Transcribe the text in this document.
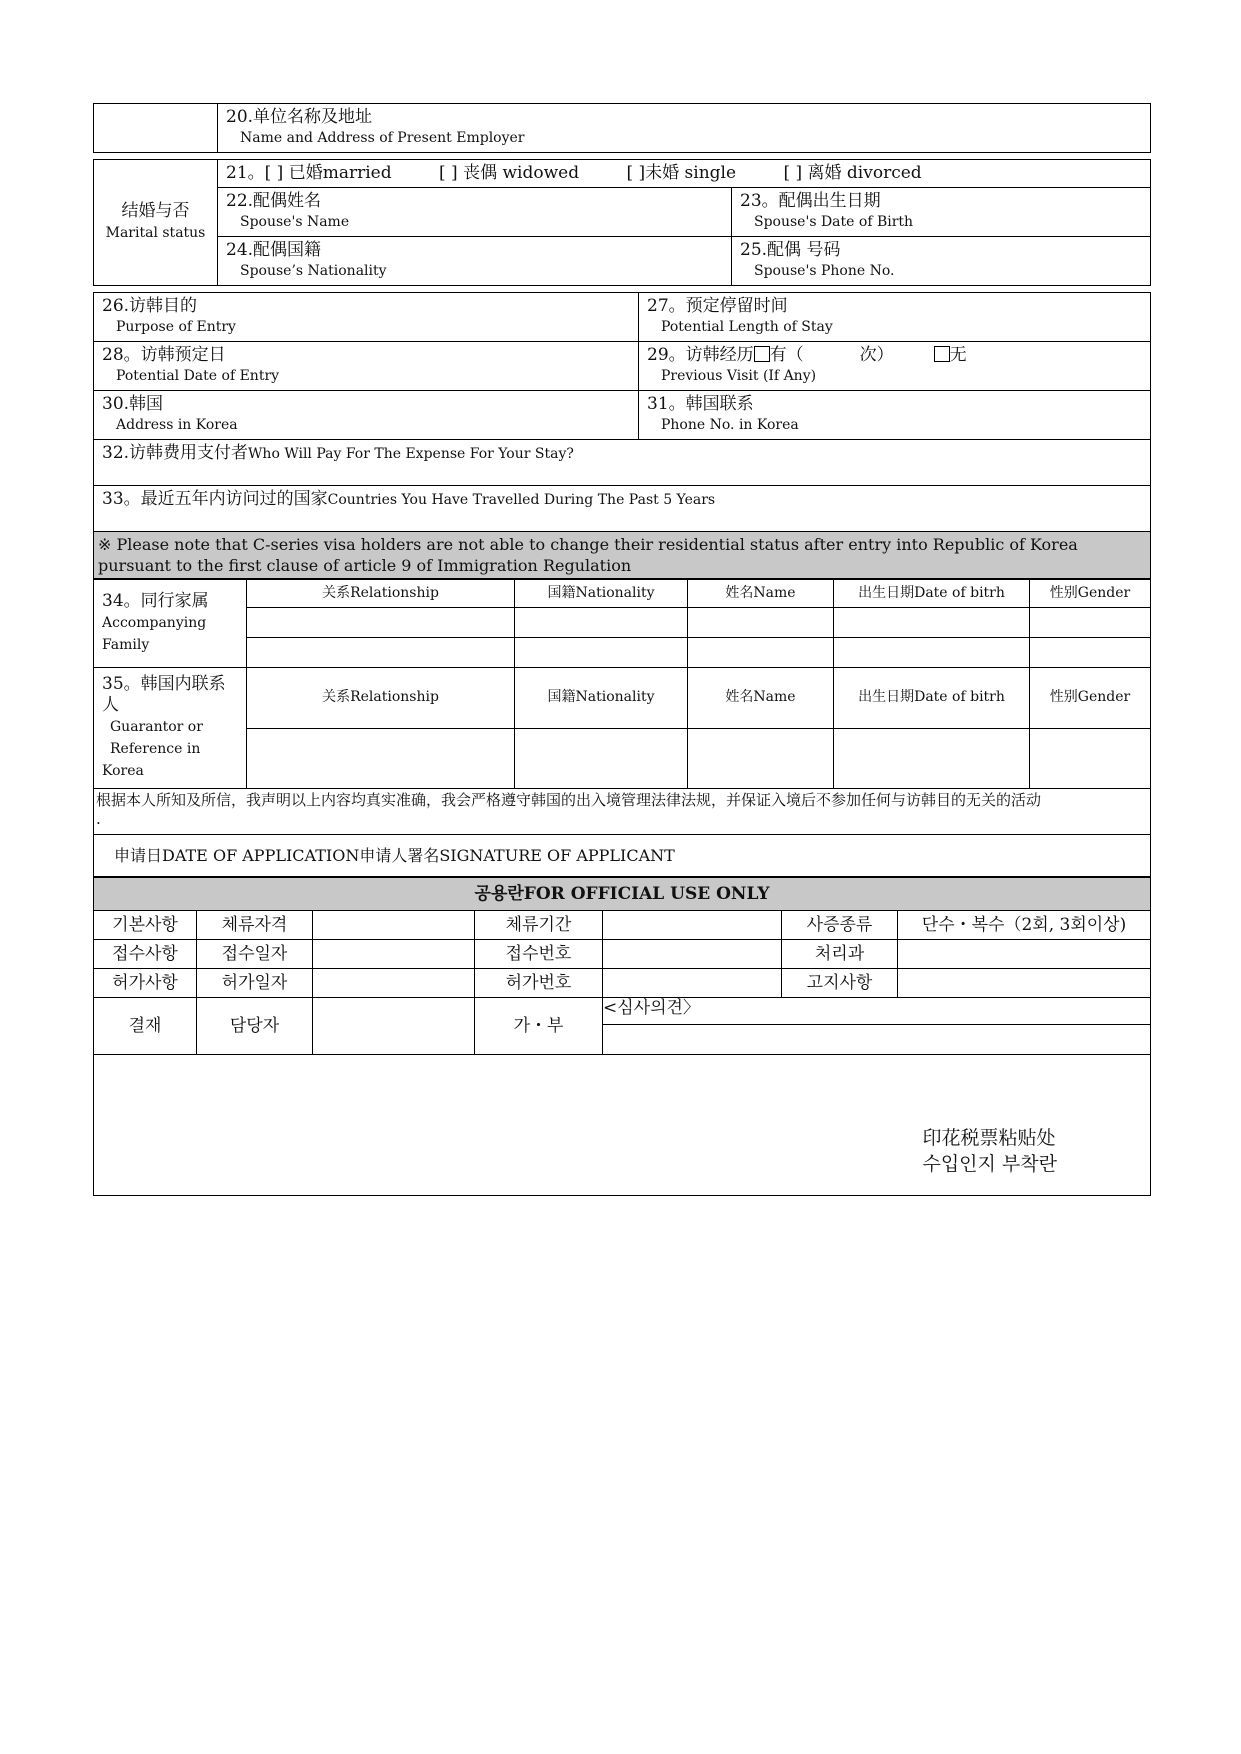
	20.单位名称及地址
Name and Address of Present Employer
结婚与否
Marital status	21。[ ] 已婚married [ ] 丧偶 widowed [ ]未婚 single [ ] 离婚 divorced	
	22.配偶姓名
Spouse's Name	23。配偶出生日期
Spouse's Date of Birth

	24.配偶国籍
Spouse’s Nationality	25.配偶 号码
Spouse's Phone No.
26.访韩目的
Purpose of Entry	27。预定停留时间
Potential Length of Stay

28。访韩预定日
Potential Date of Entry	29。访韩经历 有（ 次） 无
Previous Visit (If Any)

30.韩国
Address in Korea	31。韩国联系
Phone No. in Korea

32.访韩费用支付者Who Will Pay For The Expense For Your Stay?	
33。最近五年内访问过的国家Countries You Have Travelled During The Past 5 Years	
※ Please note that C-series visa holders are not able to change their residential status after entry into Republic of Korea pursuant to the first clause of article 9 of Immigration Regulation	
34。同行家属
Accompanying
Family	关系Relationship	国籍Nationality	姓名Name	出生日期Date of bitrh	性别Gender

35。韩国内联系人
Guarantor or
Reference in Korea	关系Relationship	国籍Nationality	姓名Name	出生日期Date of bitrh	性别Gender

根据本人所知及所信，我声明以上内容均真实准确，我会严格遵守韩国的出入境管理法律法规，并保证入境后不参加任何与访韩目的无关的活动
.					
申请日DATE OF APPLICATION申请人署名SIGNATURE OF APPLICANT					
공용란FOR OFFICIAL USE ONLY						
기본사항	체류자격		체류기간		사증종류	단수・복수（2회, 3회이상)
접수사항	접수일자		접수번호		처리과	
허가사항	허가일자		허가번호		고지사항	
결재	담당자		가・부	<심사의견〉		

印花税票粘贴处
수입인지 부착란
